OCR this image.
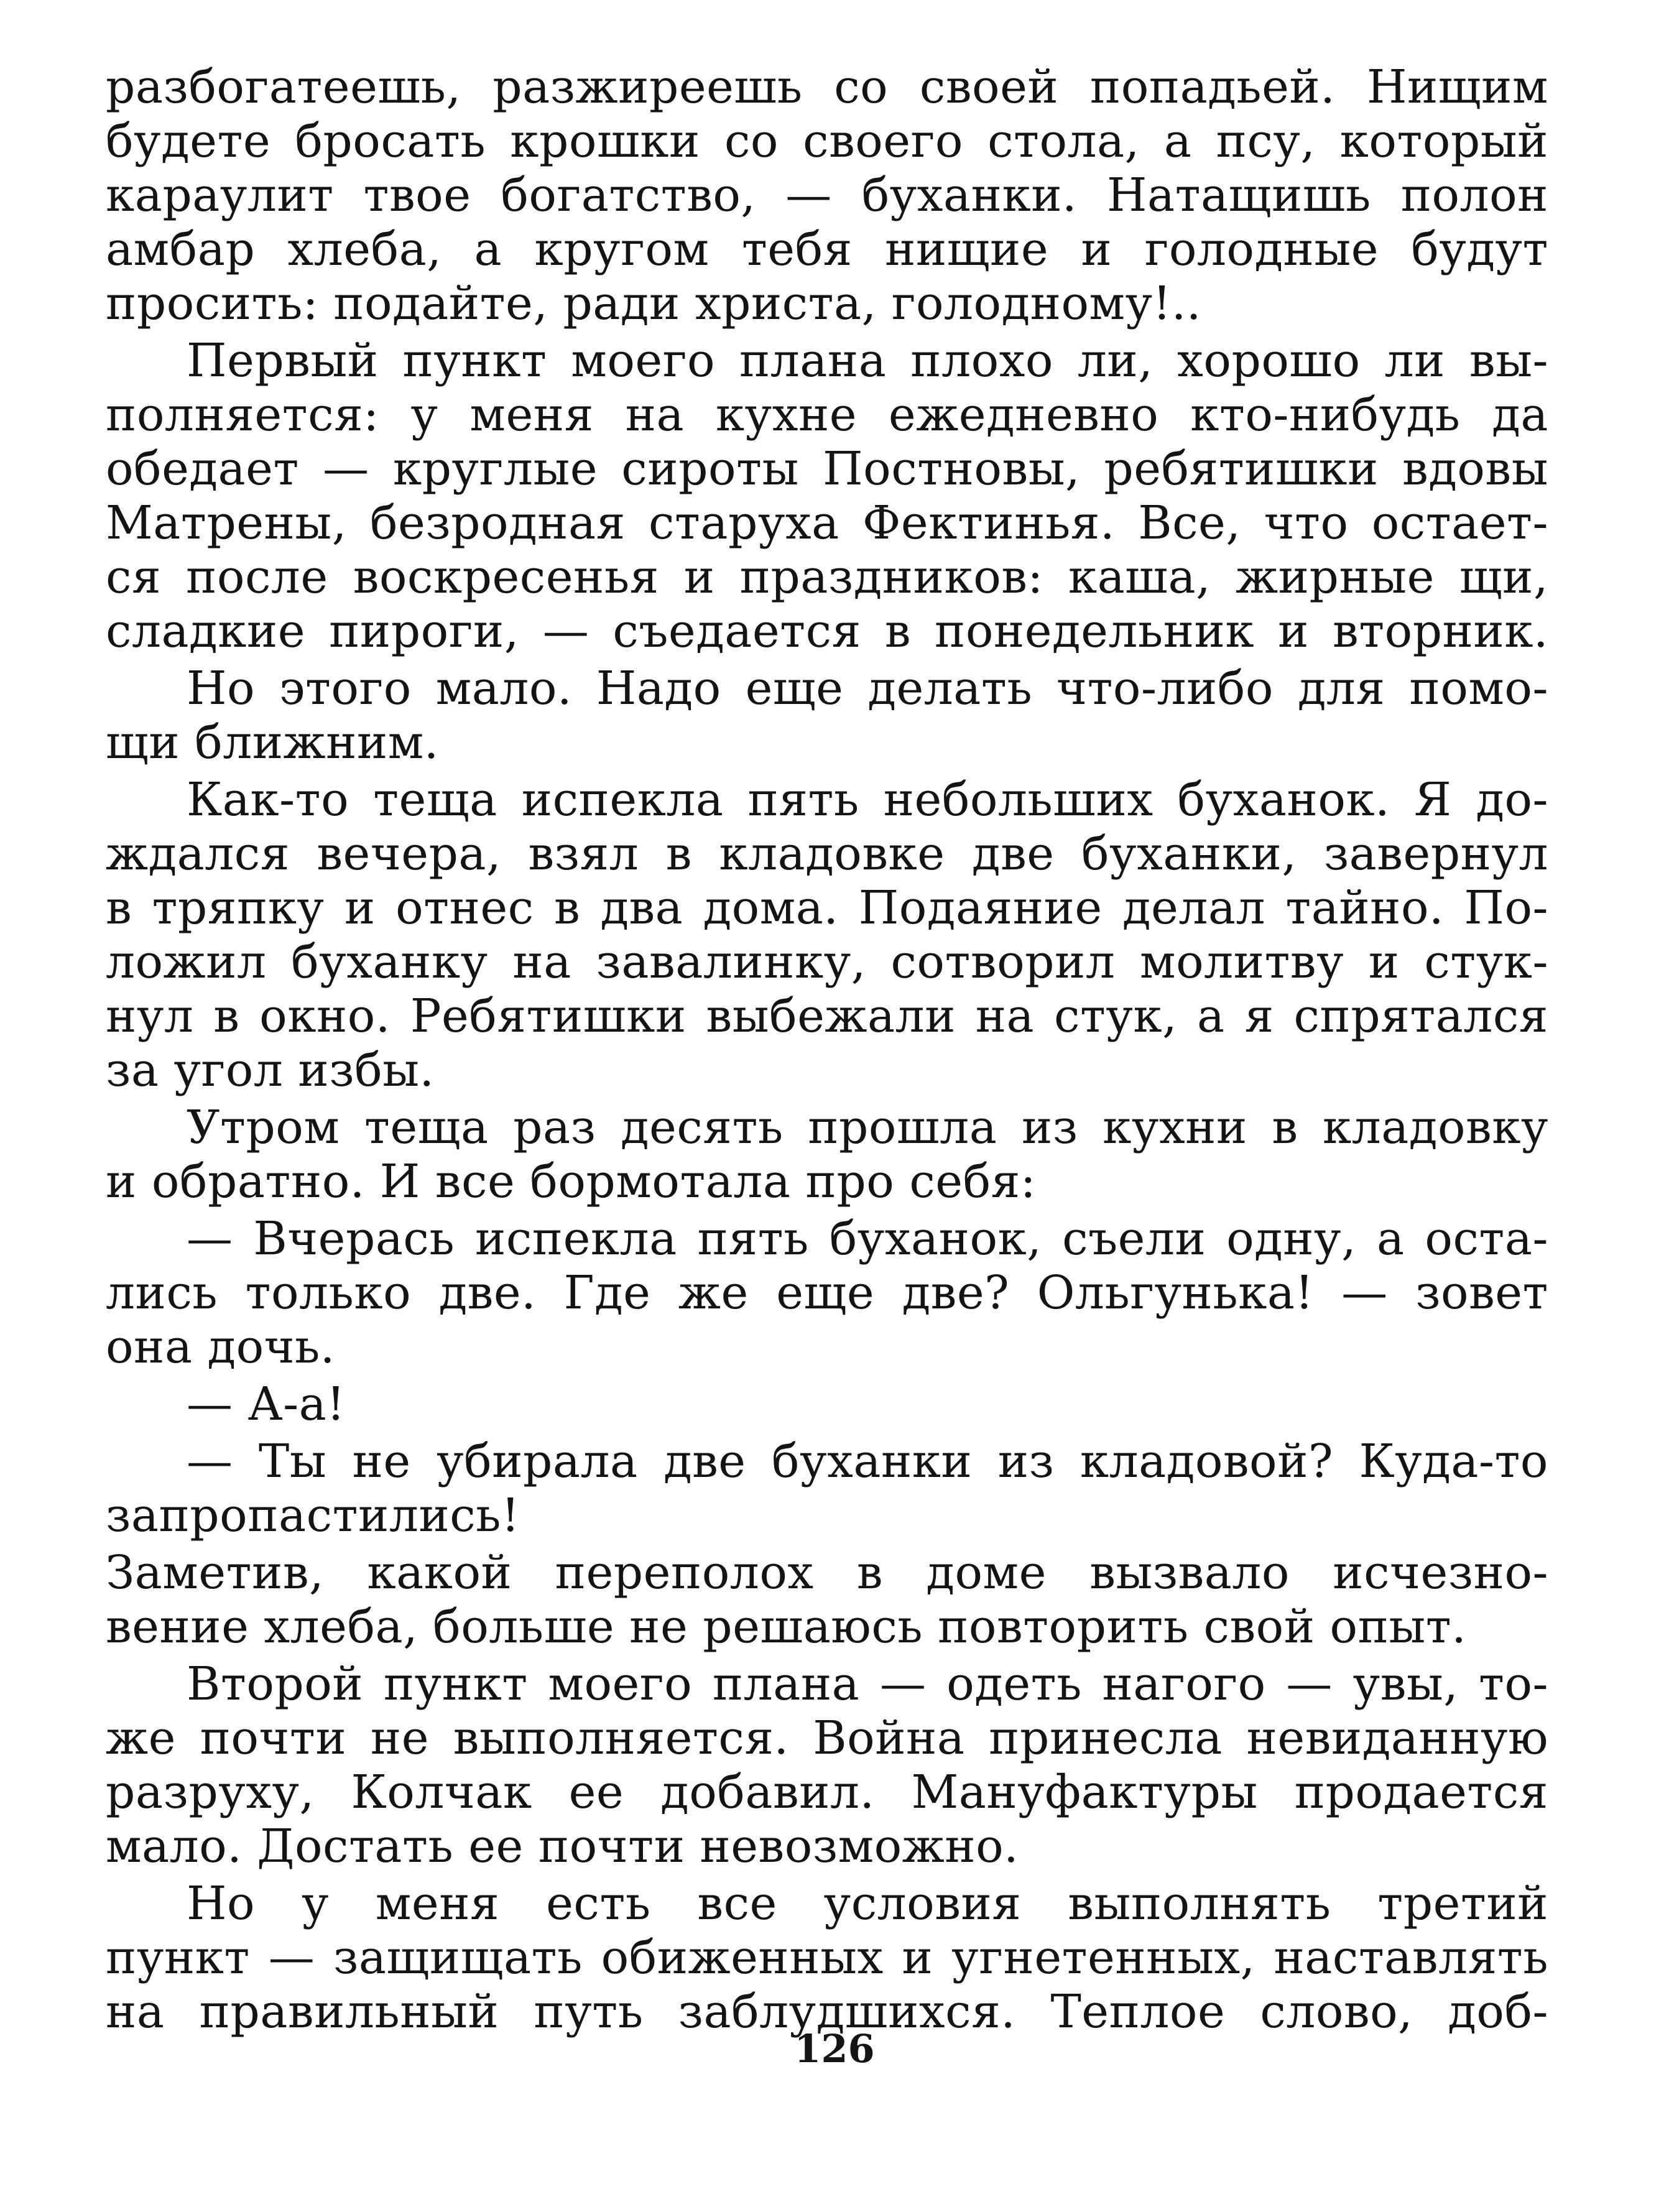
разбогатеешь, разжиреешь со своей попадьей. Нищим

будете бросать крошки со своего стола, а псу, который

караулит твое богатство, — буханки. Натащишь полон

амбар хлеба, а кругом тебя нищие и голодные будут

просить: подайте, ради христа, голодному!..

Первый пункт моего плана плохо ли, хорошо ли вы-

полняется: у меня на кухне ежедневно кто-нибудь да

обедает — круглые сироты Постновы, ребятишки вдовы

Матрены, безродная старуха Фектинья. Все, что остает-

ся после воскресенья и праздников: каша, жирные щи,

сладкие пироги, — съедается в понедельник и вторник.

Но этого мало. Надо еще делать что-либо для помо-

щи ближним.

Как-то теща испекла пять небольших буханок. Я до-

ждался вечера, взял в кладовке две буханки, завернул

в тряпку и отнес в два дома. Подаяние делал тайно. По-

ложил буханку на завалинку, сотворил молитву и стук-

нул в окно. Ребятишки выбежали на стук, а я спрятался

за угол избы.

Утром теща раз десять прошла из кухни в кладовку

и обратно. И все бормотала про себя:

— Вчерась испекла пять буханок, съели одну, а оста-

лись только две. Где же еще две? Ольгунька! — зовет

она дочь.

— А-а!

— Ты не убирала две буханки из кладовой? Куда-то

запропастились!

Заметив, какой переполох в доме вызвало исчезно-

вение хлеба, больше не решаюсь повторить свой опыт.

Второй пункт моего плана — одеть нагого — увы, то-

же почти не выполняется. Война принесла невиданную

разруху, Колчак ее добавил. Мануфактуры продается

мало. Достать ее почти невозможно.

Но у меня есть все условия выполнять третий

пункт — защищать обиженных и угнетенных, наставлять

на правильный путь заблудшихся. Теплое слово, доб-

126
